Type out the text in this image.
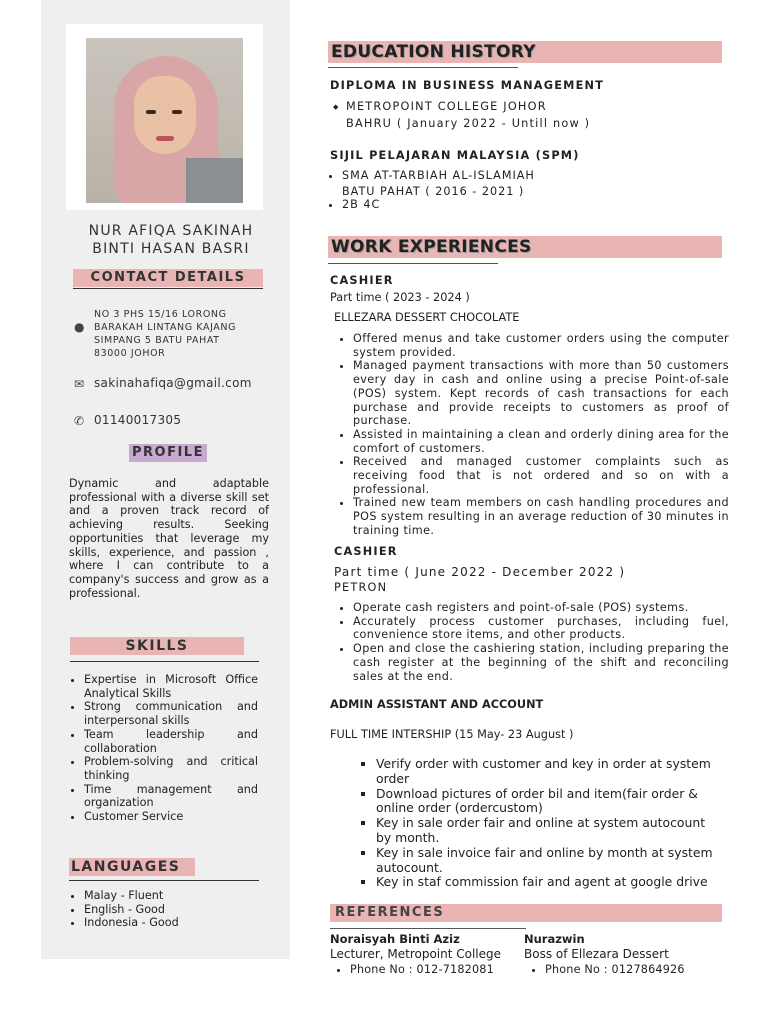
NUR AFIQA SAKINAH
BINTI HASAN BASRI
CONTACT DETAILS
●
NO 3 PHS 15/16 LORONG
BARAKAH LINTANG KAJANG
SIMPANG 5 BATU PAHAT
83000 JOHOR
✉ sakinahafiqa@gmail.com
✆ 01140017305
PROFILE
Dynamic and adaptable professional with a diverse skill set and a proven track record of achieving results. Seeking opportunities that leverage my skills, experience, and passion , where I can contribute to a company's success and grow as a professional.
SKILLS
• Expertise in Microsoft Office Analytical Skills
• Strong communication and interpersonal skills
• Team leadership and collaboration
• Problem-solving and critical thinking
• Time management and organization
• Customer Service
LANGUAGES
• Malay - Fluent
• English - Good
• Indonesia - Good
EDUCATION HISTORY
DIPLOMA IN BUSINESS MANAGEMENT
◆ METROPOINT COLLEGE JOHOR
BAHRU ( January 2022 - Untill now )
SIJIL PELAJARAN MALAYSIA (SPM)
• SMA AT-TARBIAH AL-ISLAMIAH
BATU PAHAT ( 2016 - 2021 )
• 2B 4C
WORK EXPERIENCES
CASHIER
Part time ( 2023 - 2024 )
ELLEZARA DESSERT CHOCOLATE
• Offered menus and take customer orders using the computer system provided.
• Managed payment transactions with more than 50 customers every day in cash and online using a precise Point-of-sale (POS) system. Kept records of cash transactions for each purchase and provide receipts to customers as proof of purchase.
• Assisted in maintaining a clean and orderly dining area for the comfort of customers.
• Received and managed customer complaints such as receiving food that is not ordered and so on with a professional.
• Trained new team members on cash handling procedures and POS system resulting in an average reduction of 30 minutes in training time.
CASHIER
Part time ( June 2022 - December 2022 )
PETRON
• Operate cash registers and point-of-sale (POS) systems.
• Accurately process customer purchases, including fuel, convenience store items, and other products.
• Open and close the cashiering station, including preparing the cash register at the beginning of the shift and reconciling sales at the end.
ADMIN ASSISTANT AND ACCOUNT
FULL TIME INTERSHIP (15 May- 23 August )
▪ Verify order with customer and key in order at system order
▪ Download pictures of order bil and item(fair order & online order (ordercustom)
▪ Key in sale order fair and online at system autocount by month.
▪ Key in sale invoice fair and online by month at system autocount.
▪ Key in staf commission fair and agent at google drive
REFERENCES
Noraisyah Binti Aziz
Lecturer, Metropoint College
• Phone No : 012-7182081
Nurazwin
Boss of Ellezara Dessert
• Phone No : 0127864926
